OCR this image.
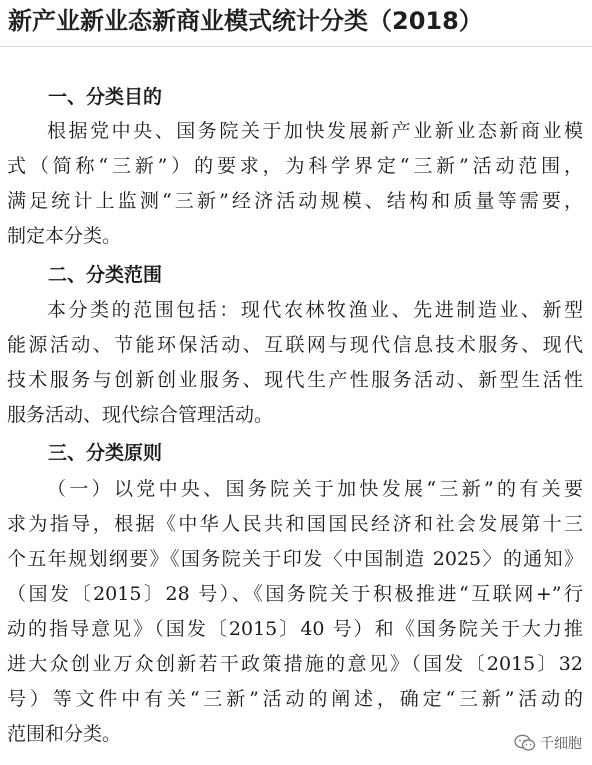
新产业新业态新商业模式统计分类（2018）
一、分类目的
根据党中央、国务院关于加快发展新产业新业态新商业模
式（简称“三新”）的要求，为科学界定“三新”活动范围，
满足统计上监测“三新”经济活动规模、结构和质量等需要，
制定本分类。
二、分类范围
本分类的范围包括：现代农林牧渔业、先进制造业、新型
能源活动、节能环保活动、互联网与现代信息技术服务、现代
技术服务与创新创业服务、现代生产性服务活动、新型生活性
服务活动、现代综合管理活动。
三、分类原则
（一）以党中央、国务院关于加快发展“三新”的有关要
求为指导，根据《中华人民共和国国民经济和社会发展第十三
个五年规划纲要》《国务院关于印发〈中国制造 2025〉的通知》
（国发〔2015〕28 号）、《国务院关于积极推进“互联网+”行
动的指导意见》（国发〔2015〕40 号）和《国务院关于大力推
进大众创业万众创新若干政策措施的意见》（国发〔2015〕32
号）等文件中有关“三新”活动的阐述，确定“三新”活动的
范围和分类。	千细胞
